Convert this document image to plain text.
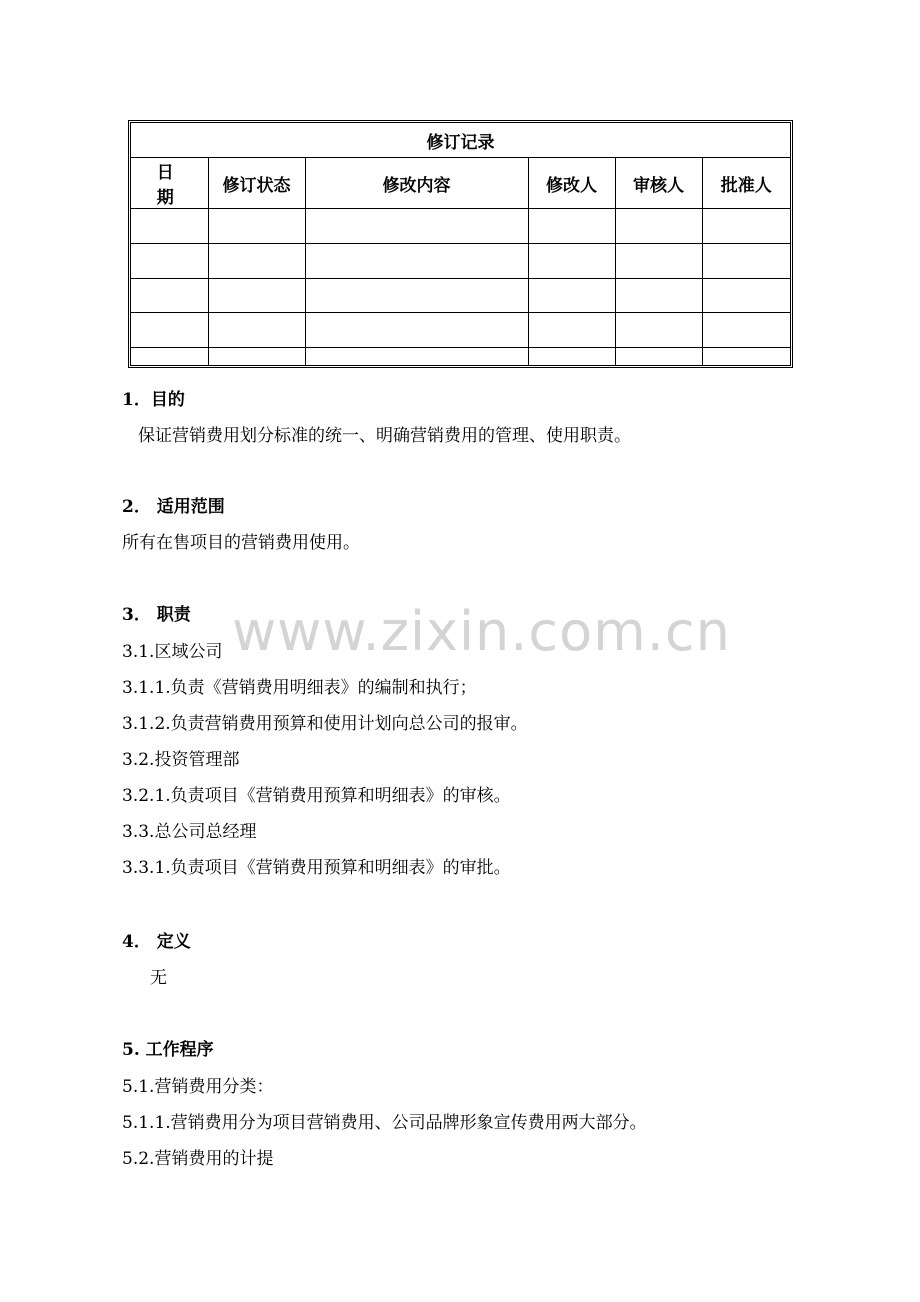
修订记录					
日　期	修订状态	修改内容	修改人	审核人	批准人

1．目的
保证营销费用划分标准的统一、明确营销费用的管理、使用职责。
2． 适用范围
所有在售项目的营销费用使用。
3． 职责
3.1.区域公司
3.1.1.负责《营销费用明细表》的编制和执行；
3.1.2.负责营销费用预算和使用计划向总公司的报审。
3.2.投资管理部
3.2.1.负责项目《营销费用预算和明细表》的审核。
3.3.总公司总经理
3.3.1.负责项目《营销费用预算和明细表》的审批。
4． 定义
无
5. 工作程序
5.1.营销费用分类：
5.1.1.营销费用分为项目营销费用、公司品牌形象宣传费用两大部分。
5.2.营销费用的计提
www.zixin.com.cn
